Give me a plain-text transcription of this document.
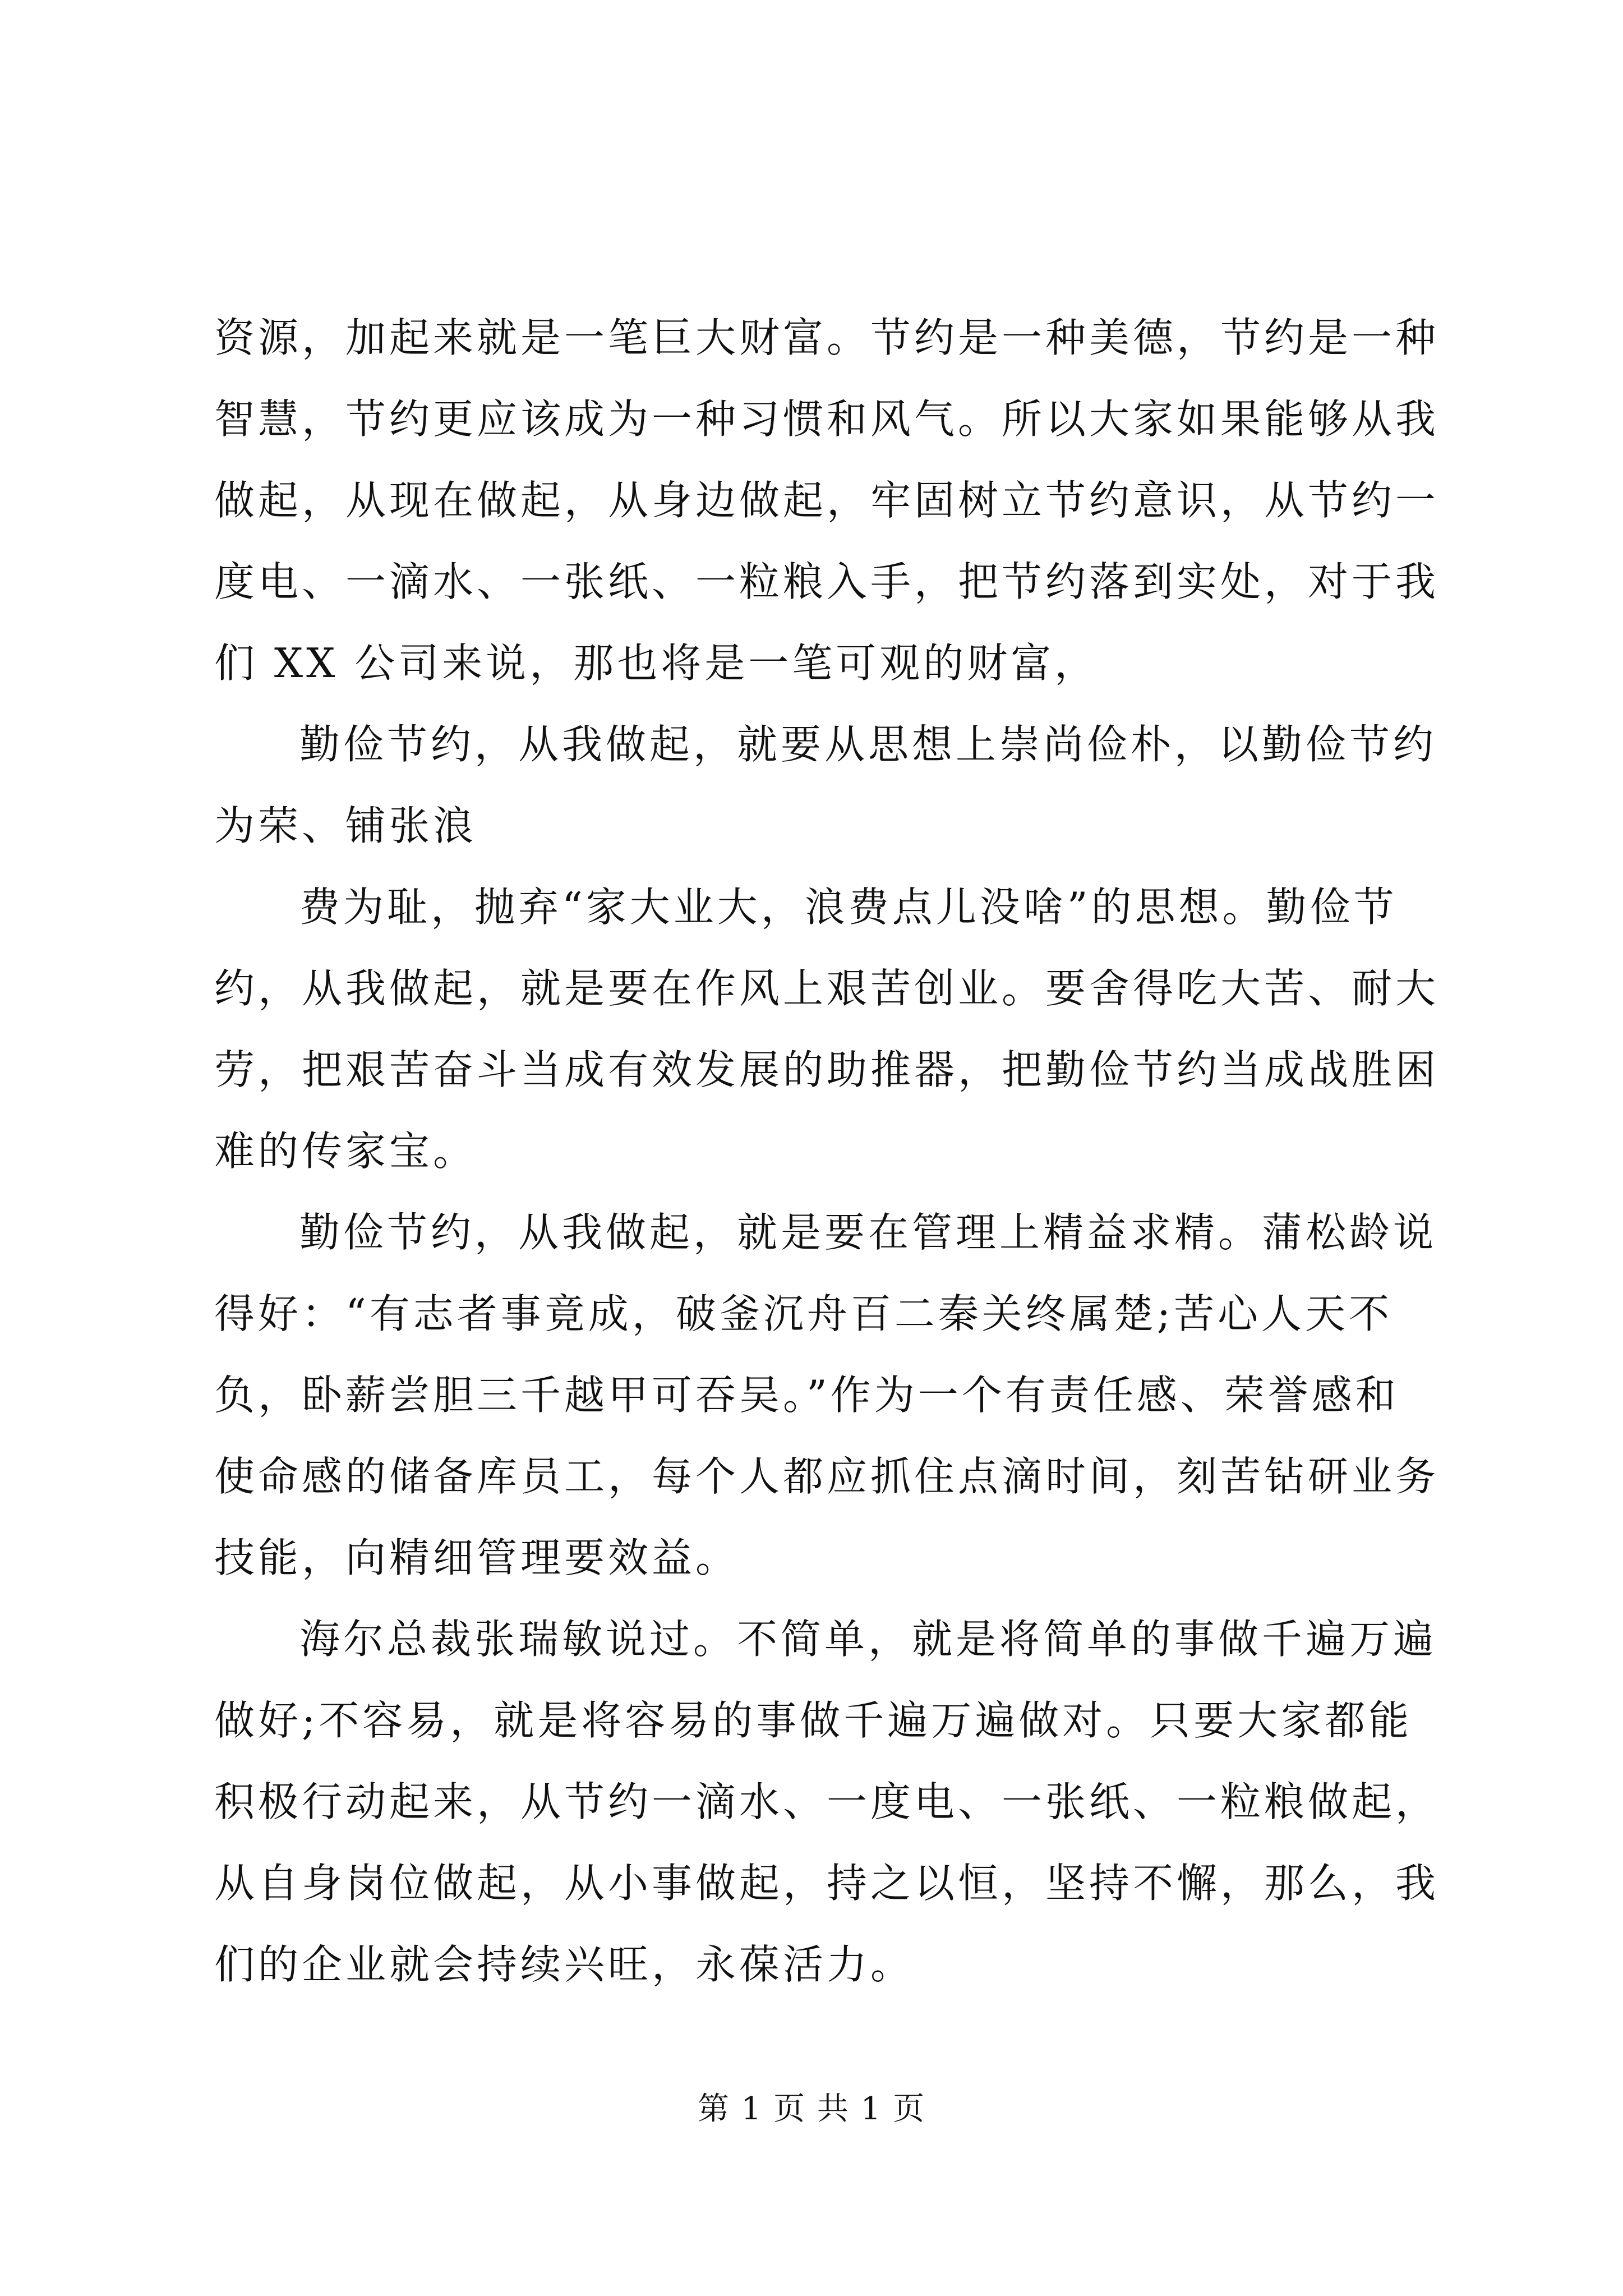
资源，加起来就是一笔巨大财富。节约是一种美德，节约是一种
智慧，节约更应该成为一种习惯和风气。所以大家如果能够从我
做起，从现在做起，从身边做起，牢固树立节约意识，从节约一
度电、一滴水、一张纸、一粒粮入手，把节约落到实处，对于我
们 XX 公司来说，那也将是一笔可观的财富，
勤俭节约，从我做起，就要从思想上崇尚俭朴，以勤俭节约
为荣、铺张浪
费为耻，抛弃“家大业大，浪费点儿没啥”的思想。勤俭节
约，从我做起，就是要在作风上艰苦创业。要舍得吃大苦、耐大
劳，把艰苦奋斗当成有效发展的助推器，把勤俭节约当成战胜困
难的传家宝。
勤俭节约，从我做起，就是要在管理上精益求精。蒲松龄说
得好：“有志者事竟成，破釜沉舟百二秦关终属楚;苦心人天不
负，卧薪尝胆三千越甲可吞吴。”作为一个有责任感、荣誉感和
使命感的储备库员工，每个人都应抓住点滴时间，刻苦钻研业务
技能，向精细管理要效益。
海尔总裁张瑞敏说过。不简单，就是将简单的事做千遍万遍
做好;不容易，就是将容易的事做千遍万遍做对。只要大家都能
积极行动起来，从节约一滴水、一度电、一张纸、一粒粮做起，
从自身岗位做起，从小事做起，持之以恒，坚持不懈，那么，我
们的企业就会持续兴旺，永葆活力。
第 1 页 共 1 页
